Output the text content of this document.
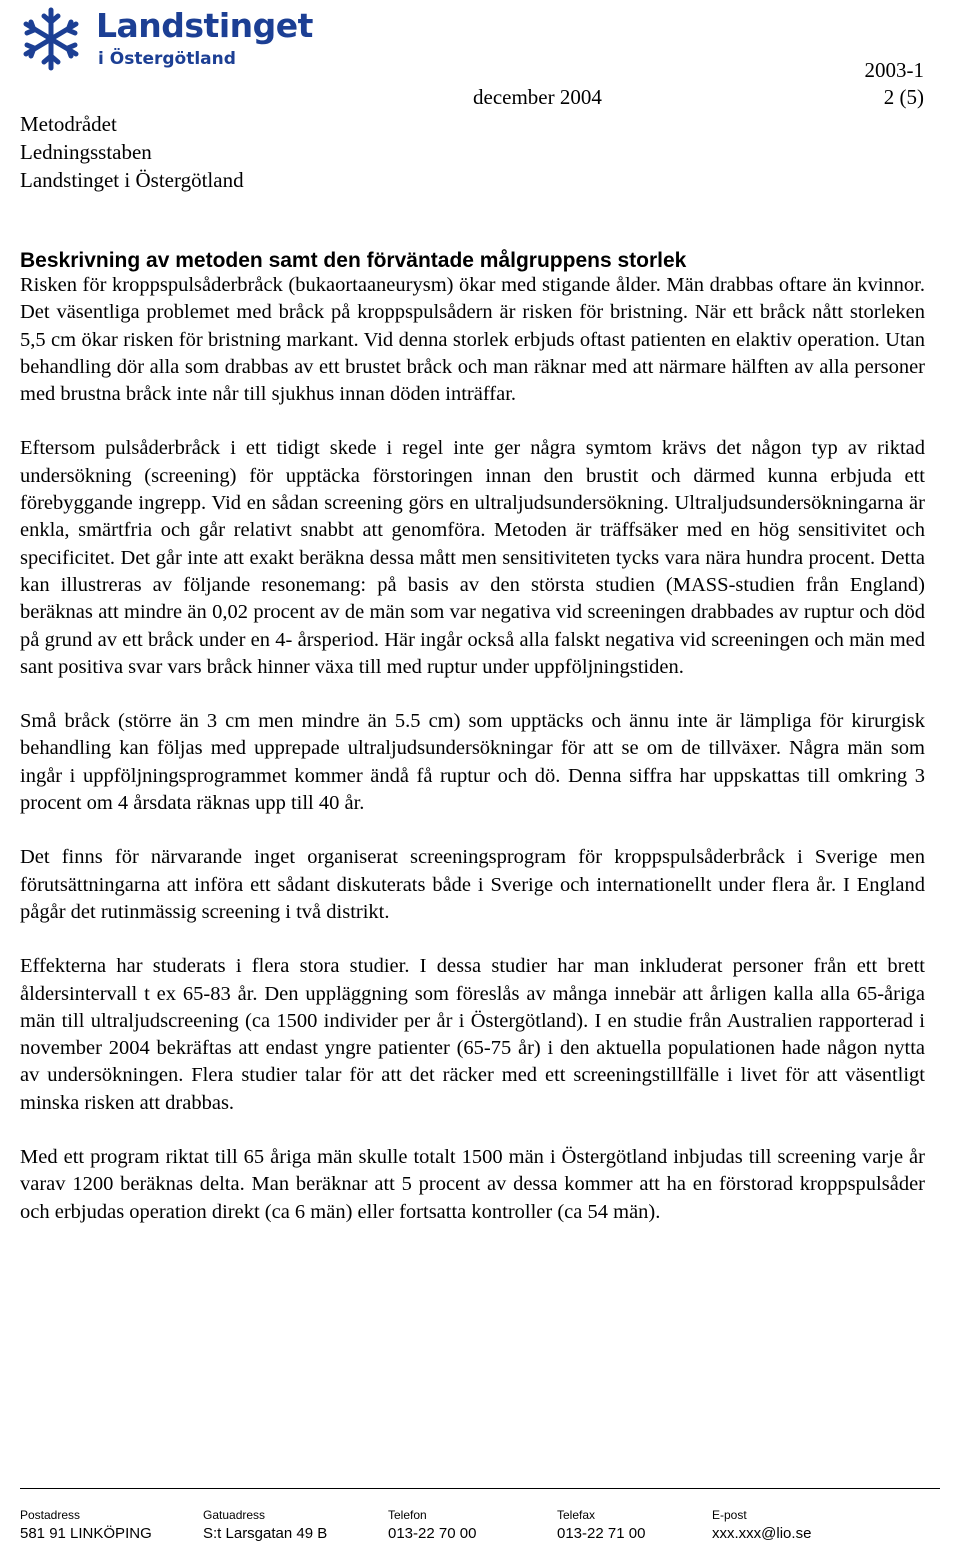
Landstinget
i Östergötland	2003-1
december 2004	2 (5)
Metodrådet
Ledningsstaben
Landstinget i Östergötland
Beskrivning av metoden samt den förväntade målgruppens storlek

Risken för kroppspulsåderbråck (bukaortaaneurysm) ökar med stigande ålder. Män drabbas oftare än kvinnor. Det väsentliga problemet med bråck på kroppspulsådern är risken för bristning. När ett bråck nått storleken 5,5 cm ökar risken för bristning markant. Vid denna storlek erbjuds oftast patienten en elaktiv operation. Utan behandling dör alla som drabbas av ett brustet bråck och man räknar med att närmare hälften av alla personer med brustna bråck inte når till sjukhus innan döden inträffar.

Eftersom pulsåderbråck i ett tidigt skede i regel inte ger några symtom krävs det någon typ av riktad undersökning (screening) för upptäcka förstoringen innan den brustit och därmed kunna erbjuda ett förebyggande ingrepp. Vid en sådan screening görs en ultraljudsundersökning. Ultraljudsundersökningarna är enkla, smärtfria och går relativt snabbt att genomföra. Metoden är träffsäker med en hög sensitivitet och specificitet. Det går inte att exakt beräkna dessa mått men sensitiviteten tycks vara nära hundra procent. Detta kan illustreras av följande resonemang: på basis av den största studien (MASS-studien från England) beräknas att mindre än 0,02 procent av de män som var negativa vid screeningen drabbades av ruptur och död på grund av ett bråck under en 4- årsperiod. Här ingår också alla falskt negativa vid screeningen och män med sant positiva svar vars bråck hinner växa till med ruptur under uppföljningstiden.

Små bråck (större än 3 cm men mindre än 5.5 cm) som upptäcks och ännu inte är lämpliga för kirurgisk behandling kan följas med upprepade ultraljudsundersökningar för att se om de tillväxer. Några män som ingår i uppföljningsprogrammet kommer ändå få ruptur och dö. Denna siffra har uppskattas till omkring 3 procent om 4 årsdata räknas upp till 40 år.

Det finns för närvarande inget organiserat screeningsprogram för kroppspulsåderbråck i Sverige men förutsättningarna att införa ett sådant diskuterats både i Sverige och internationellt under flera år. I England pågår det rutinmässig screening i två distrikt.

Effekterna har studerats i flera stora studier. I dessa studier har man inkluderat personer från ett brett åldersintervall t ex 65-83 år. Den uppläggning som föreslås av många innebär att årligen kalla alla 65-åriga män till ultraljudscreening (ca 1500 individer per år i Östergötland). I en studie från Australien rapporterad i november 2004 bekräftas att endast yngre patienter (65-75 år) i den aktuella populationen hade någon nytta av undersökningen. Flera studier talar för att det räcker med ett screeningstillfälle i livet för att väsentligt minska risken att drabbas.

Med ett program riktat till 65 åriga män skulle totalt 1500 män i Östergötland inbjudas till screening varje år varav 1200 beräknas delta. Man beräknar att 5 procent av dessa kommer att ha en förstorad kroppspulsåder och erbjudas operation direkt (ca 6 män) eller fortsatta kontroller (ca 54 män).

Postadress
581 91 LINKÖPING
Gatuadress
S:t Larsgatan 49 B
Telefon
013-22 70 00
Telefax
013-22 71 00
E-post
xxx.xxx@lio.se
